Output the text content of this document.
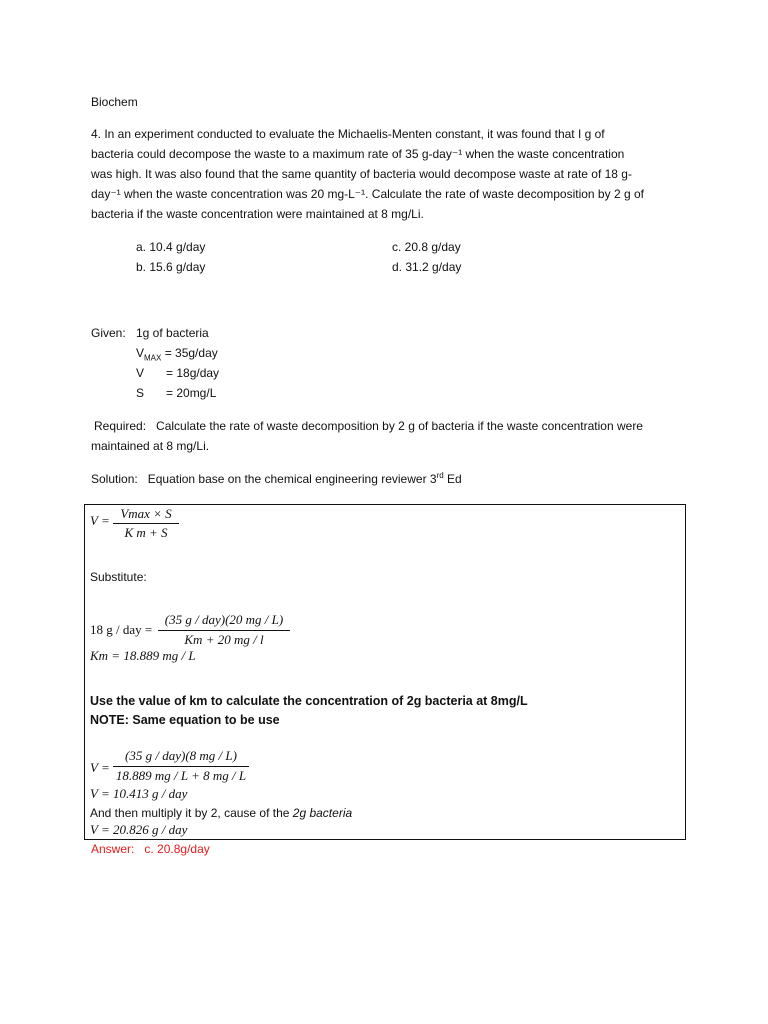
Biochem

4. In an experiment conducted to evaluate the Michaelis-Menten constant, it was found that I g of

bacteria could decompose the waste to a maximum rate of 35 g-day⁻¹ when the waste concentration

was high. It was also found that the same quantity of bacteria would decompose waste at rate of 18 g-

day⁻¹ when the waste concentration was 20 mg-L⁻¹. Calculate the rate of waste decomposition by 2 g of

bacteria if the waste concentration were maintained at 8 mg/Li.

a. 10.4 g/day

b. 15.6 g/day

c. 20.8 g/day

d. 31.2 g/day

Given: 1g of bacteria

$V_{MAX} = 35g/day$

V = 18g/day

S = 20mg/L

Required: Calculate the rate of waste decomposition by 2 g of bacteria if the waste concentration were

maintained at 8 mg/Li.

Solution: Equation base on the chemical engineering reviewer 3rd Ed

V = Vmax × S
K m + S

Substitute:

18 g / day =
(35 g / day)(20 mg / L)
Km + 20 mg / l
Km = 18.889 mg / L

Use the value of km to calculate the concentration of 2g bacteria at 8mg/L

NOTE: Same equation to be use

V =
(35 g / day)(8 mg / L)
18.889 mg / L + 8 mg / L
V = 10.413 g / day

And then multiply it by 2, cause of the 2g bacteria

V = 20.826 g / day

Answer: c. 20.8g/day
